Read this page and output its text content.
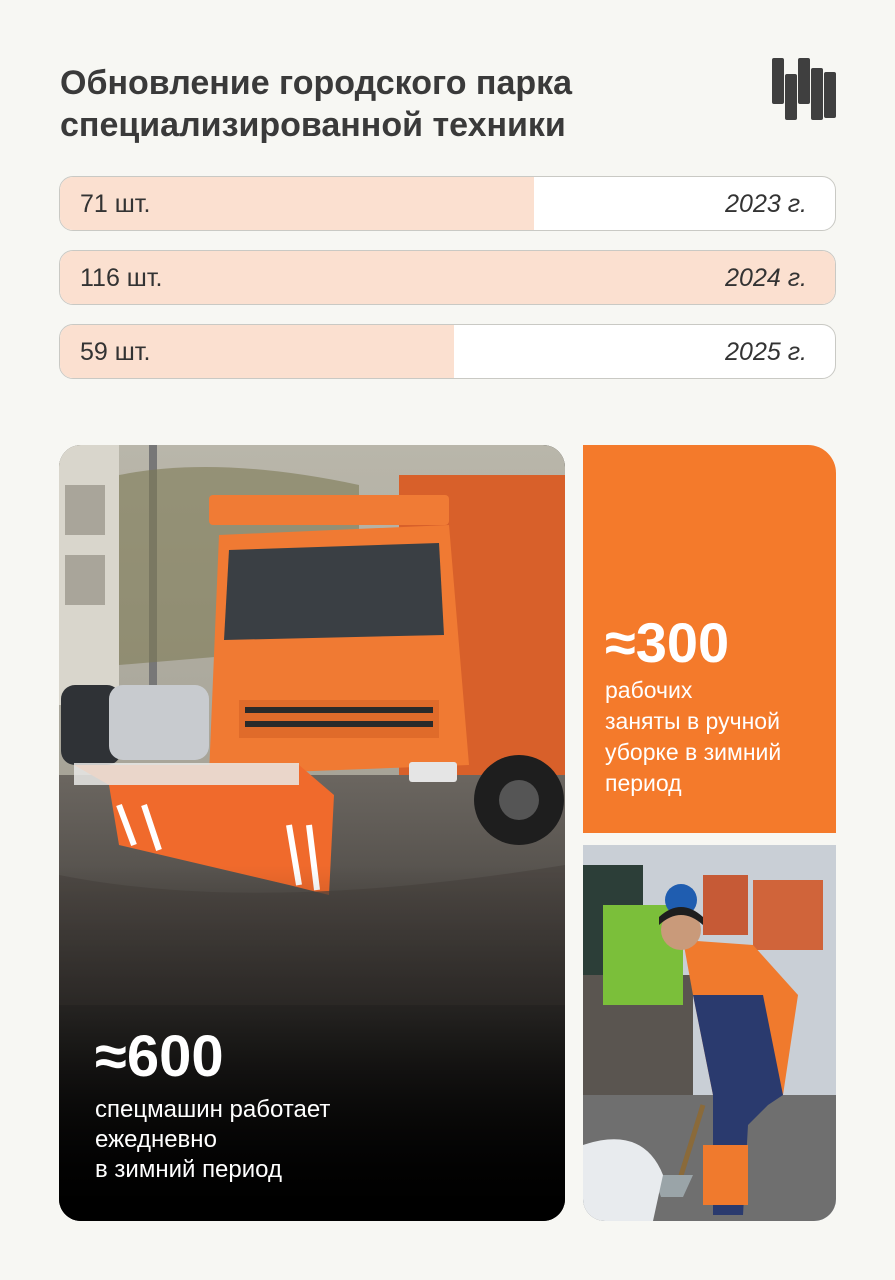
Обновление городского парка
специализированной техники
71 шт.	2023 г.
116 шт.	2024 г.
59 шт.	2025 г.
≈600
спецмашин работает
ежедневно
в зимний период
≈300
рабочих
заняты в ручной
уборке в зимний
период
